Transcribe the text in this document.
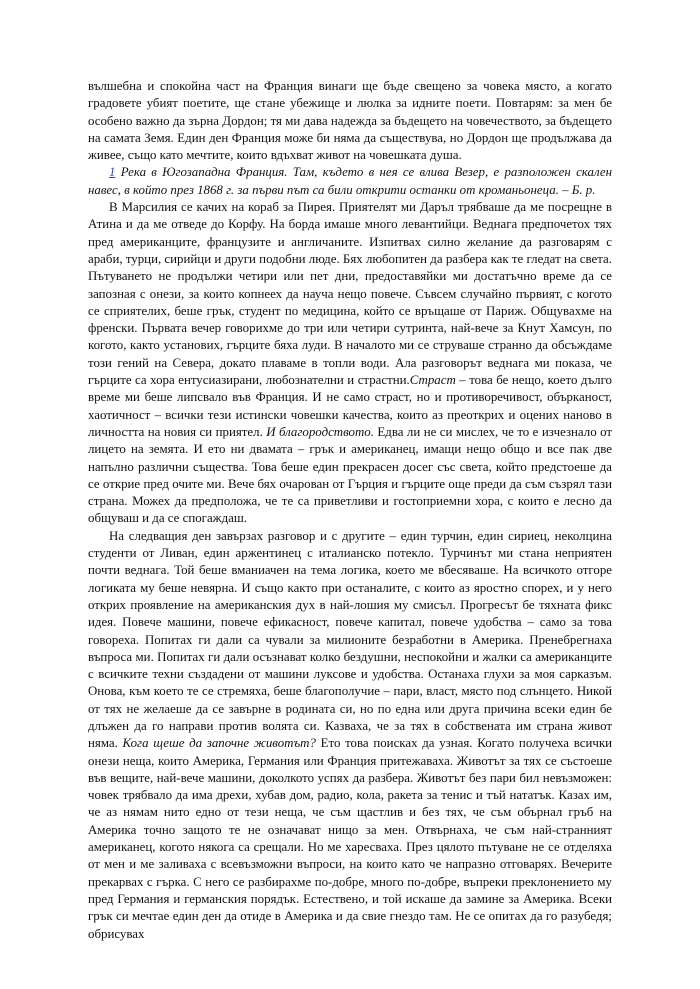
вълшебна и спокойна част на Франция винаги ще бъде свещено за човека място, а когато градовете убият поетите, ще стане убежище и люлка за идните поети. Повтарям: за мен бе особено важно да зърна Дордон; тя ми дава надежда за бъдещето на човечеството, за бъдещето на самата Земя. Един ден Франция може би няма да съществува, но Дордон ще продължава да живее, също като мечтите, които вдъхват живот на човешката душа.

1 Река в Югозападна Франция. Там, където в нея се влива Везер, е разположен скален навес, в който през 1868 г. за първи път са били открити останки от кроманьонеца. – Б. р.

В Марсилия се качих на кораб за Пирея. Приятелят ми Даръл трябваше да ме посрещне в Атина и да ме отведе до Корфу. На борда имаше много левантийци. Веднага предпочетох тях пред американците, французите и англичаните. Изпитвах силно желание да разговарям с араби, турци, сирийци и други подобни люде. Бях любопитен да разбера как те гледат на света. Пътуването не продължи четири или пет дни, предоставяйки ми достатъчно време да се запозная с онези, за които копнеех да науча нещо повече. Съвсем случайно първият, с когото се сприятелих, беше грък, студент по медицина, който се връщаше от Париж. Общувахме на френски. Първата вечер говорихме до три или четири сутринта, най-вече за Кнут Хамсун, по когото, както установих, гърците бяха луди. В началото ми се струваше странно да обсъждаме този гений на Севера, докато плаваме в топли води. Ала разговорът веднага ми показа, че гърците са хора ентусиазирани, любознателни и страстни.Страст – това бе нещо, което дълго време ми беше липсвало във Франция. И не само страст, но и противоречивост, обърканост, хаотичност – всички тези истински човешки качества, които аз преоткрих и оцених наново в личността на новия си приятел. И благородството. Едва ли не си мислех, че то е изчезнало от лицето на земята. И ето ни двамата – грък и американец, имащи нещо общо и все пак две напълно различни същества. Това беше един прекрасен досег със света, който предстоеше да се открие пред очите ми. Вече бях очарован от Гърция и гърците още преди да съм съзрял тази страна. Можех да предположа, че те са приветливи и гостоприемни хора, с които е лесно да общуваш и да се спогаждаш.

На следващия ден завързах разговор и с другите – един турчин, един сириец, неколцина студенти от Ливан, един аржентинец с италианско потекло. Турчинът ми стана неприятен почти веднага. Той беше вманиачен на тема логика, което ме вбесяваше. На всичкото отгоре логиката му беше невярна. И също както при останалите, с които аз яростно спорех, и у него открих проявление на американския дух в най-лошия му смисъл. Прогресът бе тяхната фикс идея. Повече машини, повече ефикасност, повече капитал, повече удобства – само за това говореха. Попитах ги дали са чували за милионите безработни в Америка. Пренебрегнаха въпроса ми. Попитах ги дали осъзнават колко бездушни, неспокойни и жалки са американците с всичките техни създадени от машини луксове и удобства. Останаха глухи за моя сарказъм. Онова, към което те се стремяха, беше благополучие – пари, власт, място под слънцето. Никой от тях не желаеше да се завърне в родината си, но по една или друга причина всеки един бе длъжен да го направи против волята си. Казваха, че за тях в собствената им страна живот няма. Кога щеше да започне животът? Ето това поисках да узная. Когато получеха всички онези неща, които Америка, Германия или Франция притежаваха. Животът за тях се състоеше във вещите, най-вече машини, доколкото успях да разбера. Животът без пари бил невъзможен: човек трябвало да има дрехи, хубав дом, радио, кола, ракета за тенис и тъй нататък. Казах им, че аз нямам нито едно от тези неща, че съм щастлив и без тях, че съм обърнал гръб на Америка точно защото те не означават нищо за мен. Отвърнаха, че съм най-странният американец, когото някога са срещали. Но ме харесваха. През цялото пътуване не се отделяха от мен и ме заливаха с всевъзможни въпроси, на които като че напразно отговарях. Вечерите прекарвах с гърка. С него се разбирахме по-добре, много по-добре, въпреки преклонението му пред Германия и германския порядък. Естествено, и той искаше да замине за Америка. Всеки грък си мечтае един ден да отиде в Америка и да свие гнездо там. Не се опитах да го разубедя; обрисувах
